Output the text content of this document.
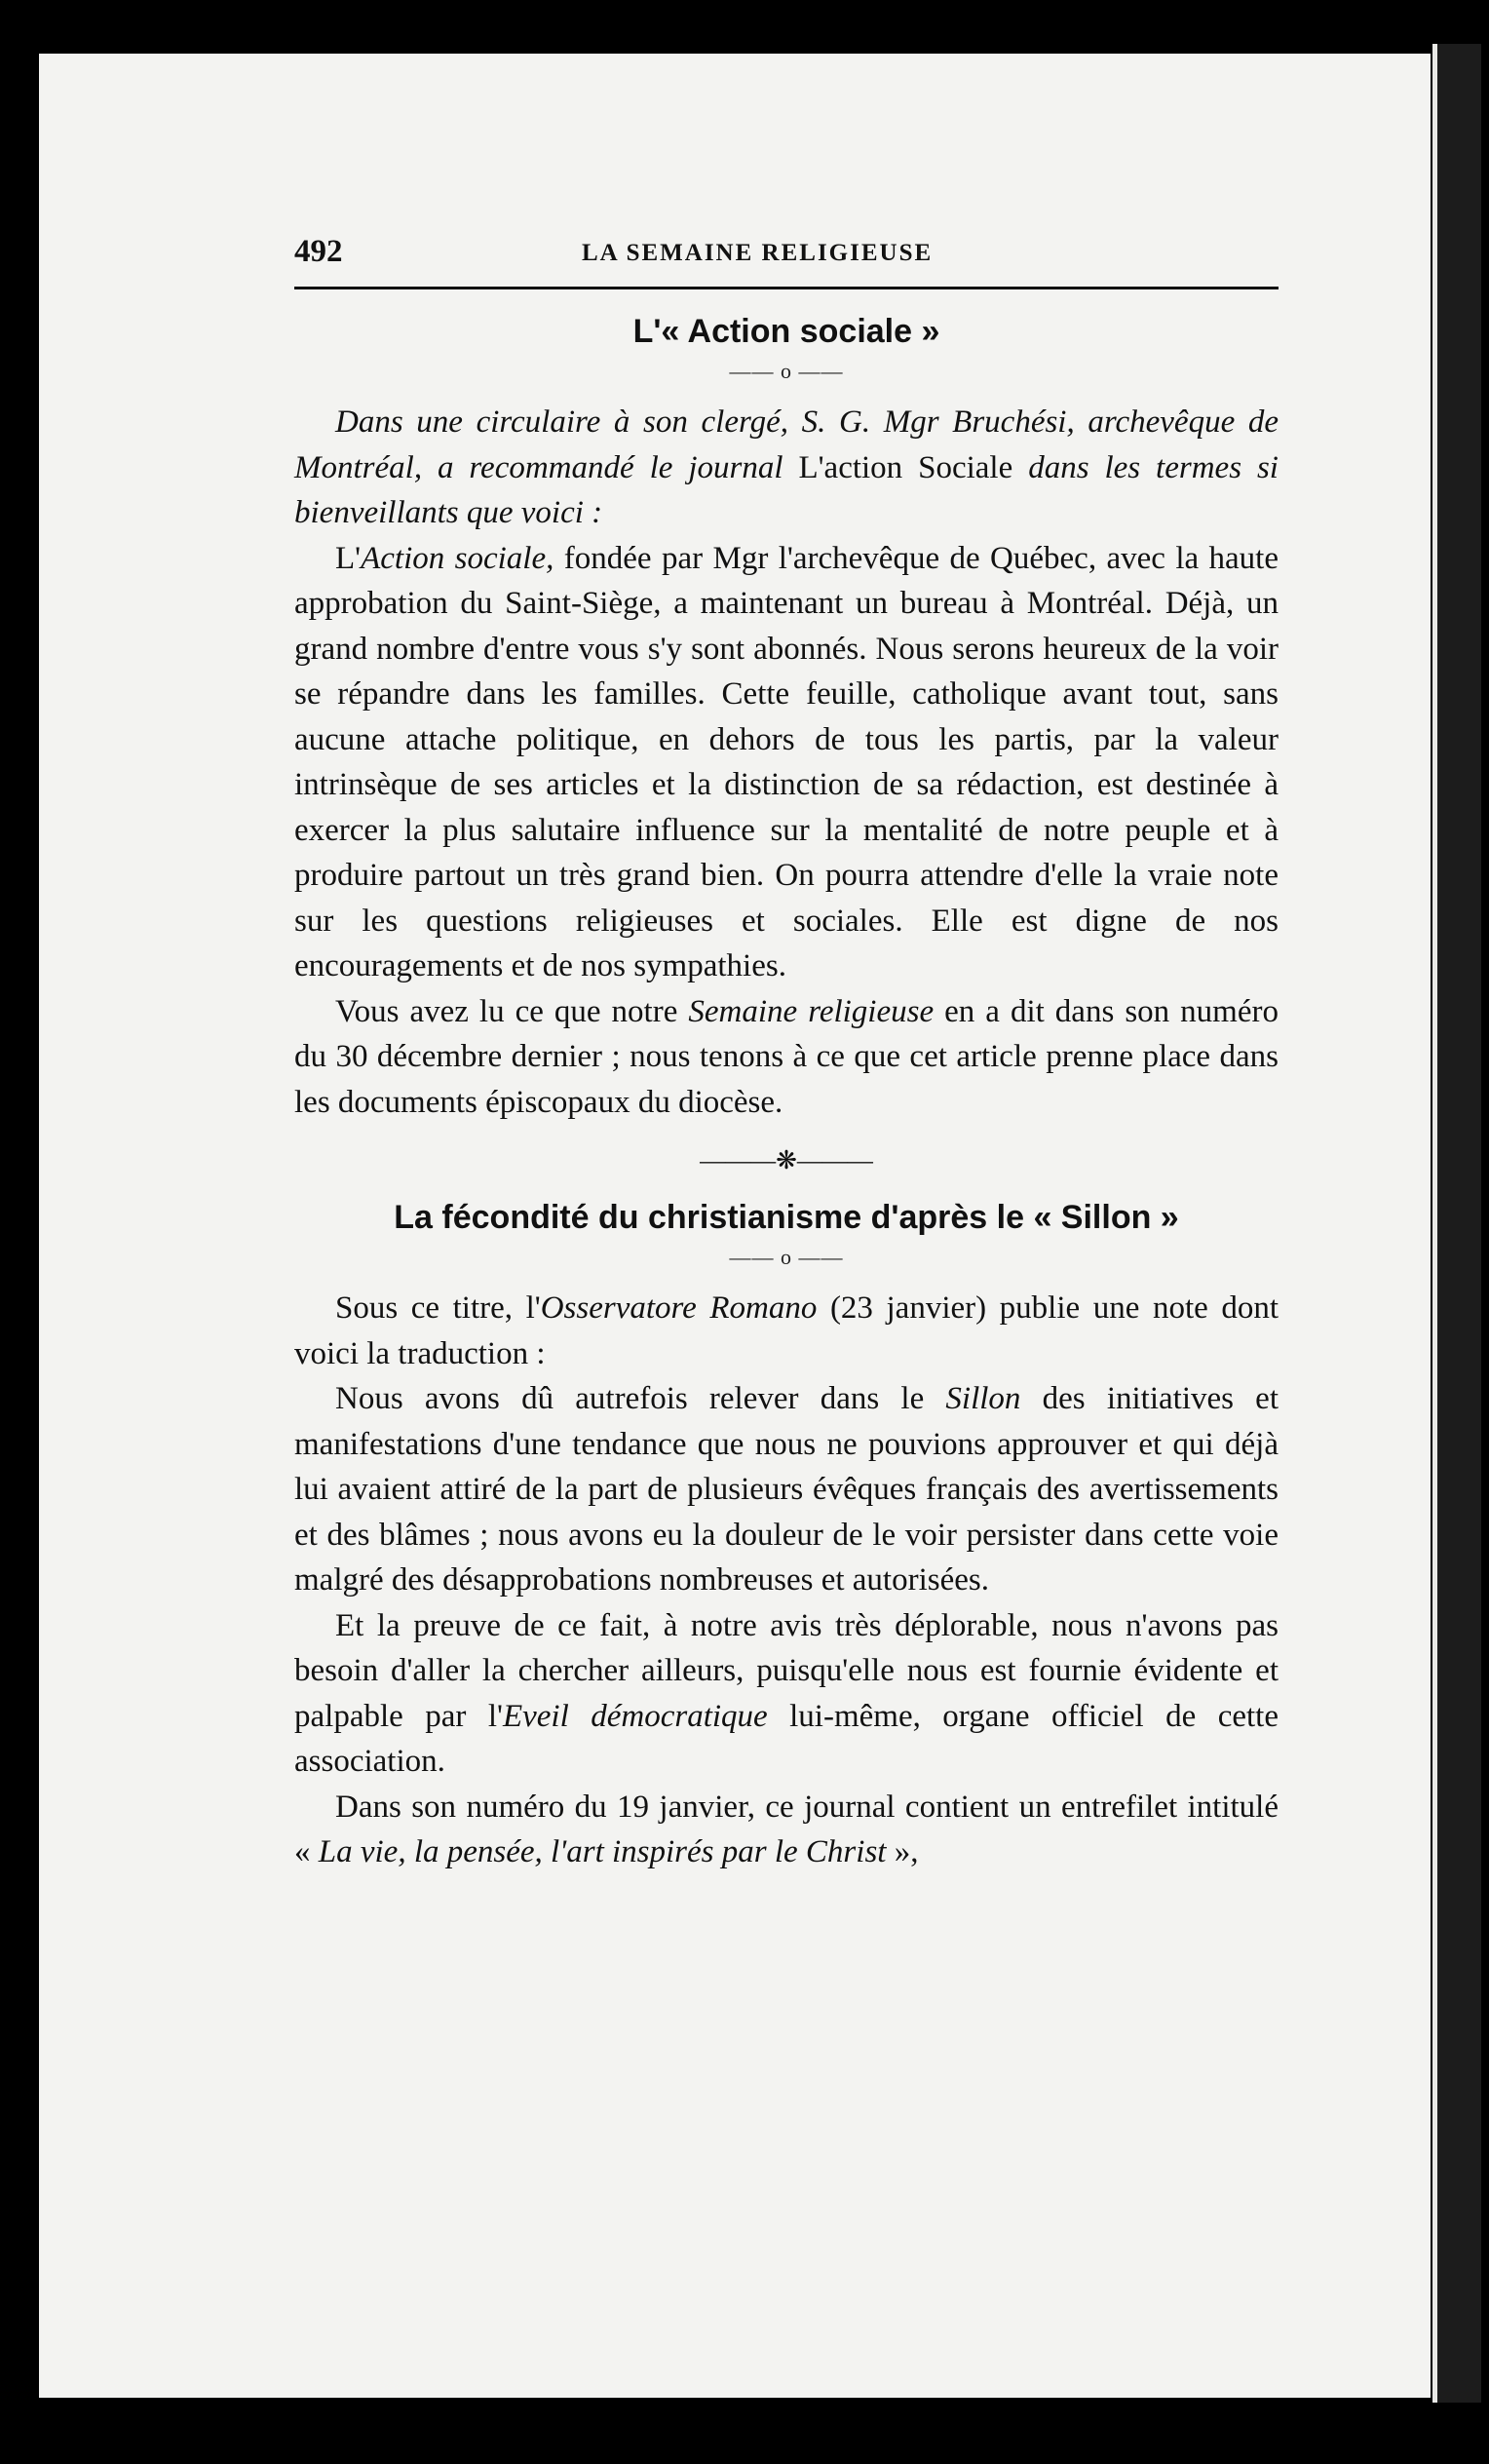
492	LA SEMAINE RELIGIEUSE
L'« Action sociale »
—— o ——

Dans une circulaire à son clergé, S. G. Mgr Bruchési, archevêque de Montréal, a recommandé le journal L'action Sociale dans les termes si bienveillants que voici :

L'Action sociale, fondée par Mgr l'archevêque de Québec, avec la haute approbation du Saint-Siège, a maintenant un bureau à Montréal. Déjà, un grand nombre d'entre vous s'y sont abonnés. Nous serons heureux de la voir se répandre dans les familles. Cette feuille, catholique avant tout, sans aucune attache politique, en dehors de tous les partis, par la valeur intrinsèque de ses articles et la distinction de sa rédaction, est destinée à exercer la plus salutaire influence sur la mentalité de notre peuple et à produire partout un très grand bien. On pourra attendre d'elle la vraie note sur les questions religieuses et sociales. Elle est digne de nos encouragements et de nos sympathies.

Vous avez lu ce que notre Semaine religieuse en a dit dans son numéro du 30 décembre dernier ; nous tenons à ce que cet article prenne place dans les documents épiscopaux du diocèse.

———❋———
La fécondité du christianisme d'après le « Sillon »
—— o ——

Sous ce titre, l'Osservatore Romano (23 janvier) publie une note dont voici la traduction :

Nous avons dû autrefois relever dans le Sillon des initiatives et manifestations d'une tendance que nous ne pouvions approuver et qui déjà lui avaient attiré de la part de plusieurs évêques français des avertissements et des blâmes ; nous avons eu la douleur de le voir persister dans cette voie malgré des désapprobations nombreuses et autorisées.

Et la preuve de ce fait, à notre avis très déplorable, nous n'avons pas besoin d'aller la chercher ailleurs, puisqu'elle nous est fournie évidente et palpable par l'Eveil démocratique lui-même, organe officiel de cette association.

Dans son numéro du 19 janvier, ce journal contient un entrefilet intitulé « La vie, la pensée, l'art inspirés par le Christ »,
